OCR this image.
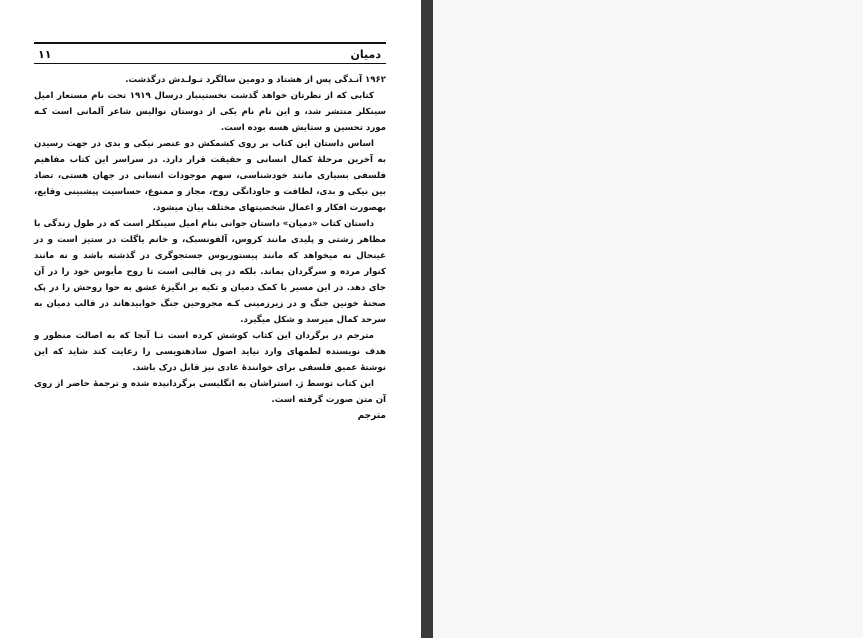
دمیان
۱۱

۱۹۶۲ آنـدگی پس از هشتاد و دومین سالگرد تـولـدش درگذشت.

کتابی که از نظرتان خواهد گذشت نخستینبار درسال ۱۹۱۹ تحت نام مستعار امیل سینکلر منتشر شد، و این نام نام یکی از دوستان نوالیس شاعر آلمانی است کـه مورد تحسین و ستایش هسه بوده است.

اساس داستان این کتاب بر روی کشمکش دو عنصر نیکی و بدی در جهت رسیدن به آخرین مرحلهٔ کمال انسانی و حقیقت قرار دارد. در سراسر این کتاب مفاهیم فلسفی بسیاری مانند خودشناسی، سهم موجودات انسانی در جهان هستی، تضاد بین نیکی و بدی، لطافت و جاودانگی روح، مجاز و ممنوع، حساسیت پیشبینی وقایع، بهصورت افکار و اعمال شخصیتهای مختلف بیان میشود.

داستان کتاب «دمیان» داستان جوانی بنام امیل سینکلر است که در طول زندگی با مظاهر زشتی و پلیدی مانند کروس، آلفونسبک، و خانم یاگلت در ستیز است و در عینحال نه میخواهد که مانند پیستوریوس جستجوگری در گذشته باشد و نه مانند کنوار مرده و سرگردان بماند. بلکه در پی قالبی است تا روح مأیوس خود را در آن جای دهد. در این مسیر با کمک دمیان و تکیه بر انگیزهٔ عشق به حوا روحش را در پک صحنهٔ خونین جنگ و در زیرزمینی کـه مجروحین جنگ خوابیدهاند در قالب دمیان به سرحد کمال میرسد و شکل میگیرد.

مترجم در برگردان این کتاب کوشش کرده است تـا آنجا که به اصالت منظور و هدف نویسنده لطمهای وارد نیاید اصول سادهنویسی را رعایت کند شاید که این نوشتهٔ عمیق فلسفی برای خوانندهٔ عادی نیز قابل درک باشد.

این کتاب توسط ژ. استراشان به انگلیسی برگردانیده شده و ترجمهٔ حاضر از روی آن متن صورت گرفته است.

مترجم
